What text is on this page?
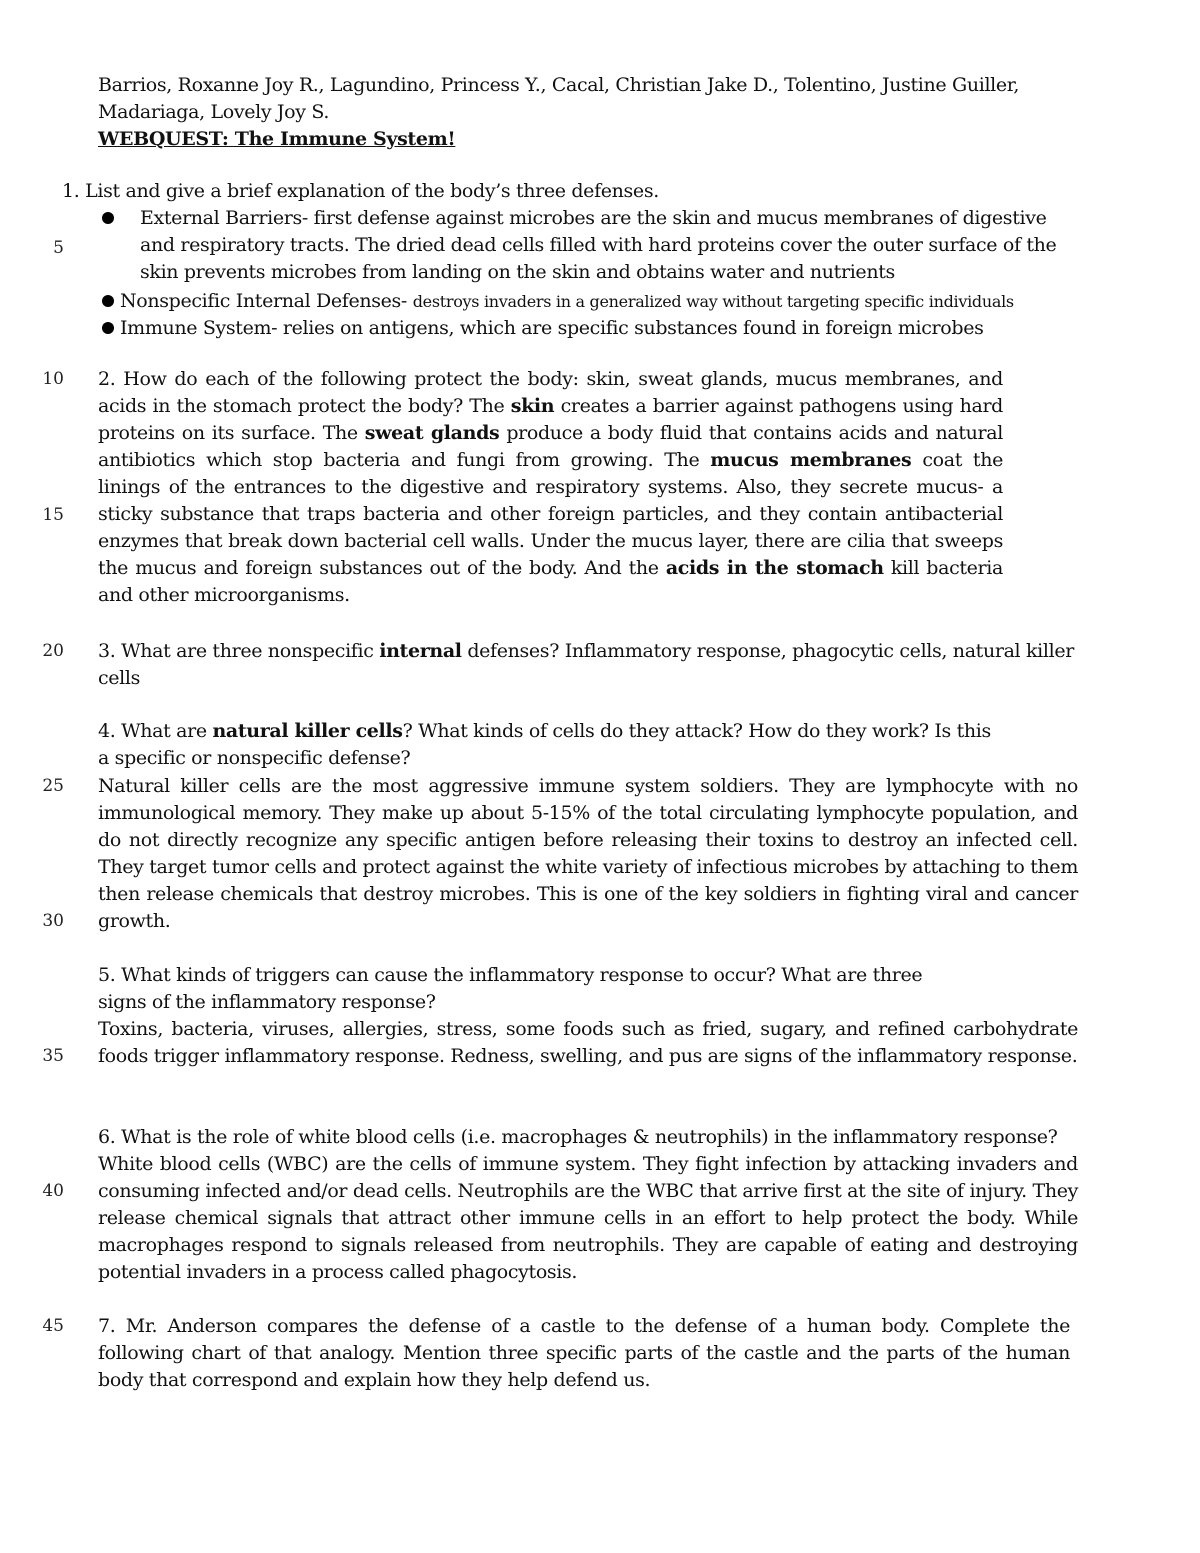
5
10
15
20
25
30
35
40
45
Barrios, Roxanne Joy R., Lagundino, Princess Y., Cacal, Christian Jake D., Tolentino, Justine Guiller,
Madariaga, Lovely Joy S.
WEBQUEST: The Immune System!
1. List and give a brief explanation of the body’s three defenses.
External Barriers- first defense against microbes are the skin and mucus membranes of digestive
and respiratory tracts. The dried dead cells filled with hard proteins cover the outer surface of the
skin prevents microbes from landing on the skin and obtains water and nutrients
Nonspecific Internal Defenses- destroys invaders in a generalized way without targeting specific individuals
Immune System- relies on antigens, which are specific substances found in foreign microbes
2. How do each of the following protect the body: skin, sweat glands, mucus membranes, and acids in the stomach protect the body? The skin creates a barrier against pathogens using hard proteins on its surface. The sweat glands produce a body fluid that contains acids and natural antibiotics which stop bacteria and fungi from growing. The mucus membranes coat the linings of the entrances to the digestive and respiratory systems. Also, they secrete mucus- a sticky substance that traps bacteria and other foreign particles, and they contain antibacterial enzymes that break down bacterial cell walls. Under the mucus layer, there are cilia that sweeps the mucus and foreign substances out of the body. And the acids in the stomach kill bacteria and other microorganisms.
3. What are three nonspecific internal defenses? Inflammatory response, phagocytic cells, natural killer cells
4. What are natural killer cells? What kinds of cells do they attack? How do they work? Is this
a specific or nonspecific defense?
Natural killer cells are the most aggressive immune system soldiers. They are lymphocyte with no immunological memory. They make up about 5-15% of the total circulating lymphocyte population, and do not directly recognize any specific antigen before releasing their toxins to destroy an infected cell. They target tumor cells and protect against the white variety of infectious microbes by attaching to them then release chemicals that destroy microbes. This is one of the key soldiers in fighting viral and cancer growth.
5. What kinds of triggers can cause the inflammatory response to occur? What are three
signs of the inflammatory response?
Toxins, bacteria, viruses, allergies, stress, some foods such as fried, sugary, and refined carbohydrate foods trigger inflammatory response. Redness, swelling, and pus are signs of the inflammatory response.
6. What is the role of white blood cells (i.e. macrophages & neutrophils) in the inflammatory response?
White blood cells (WBC) are the cells of immune system. They fight infection by attacking invaders and consuming infected and/or dead cells. Neutrophils are the WBC that arrive first at the site of injury. They release chemical signals that attract other immune cells in an effort to help protect the body. While macrophages respond to signals released from neutrophils. They are capable of eating and destroying potential invaders in a process called phagocytosis.
7. Mr. Anderson compares the defense of a castle to the defense of a human body. Complete the following chart of that analogy. Mention three specific parts of the castle and the parts of the human body that correspond and explain how they help defend us.
